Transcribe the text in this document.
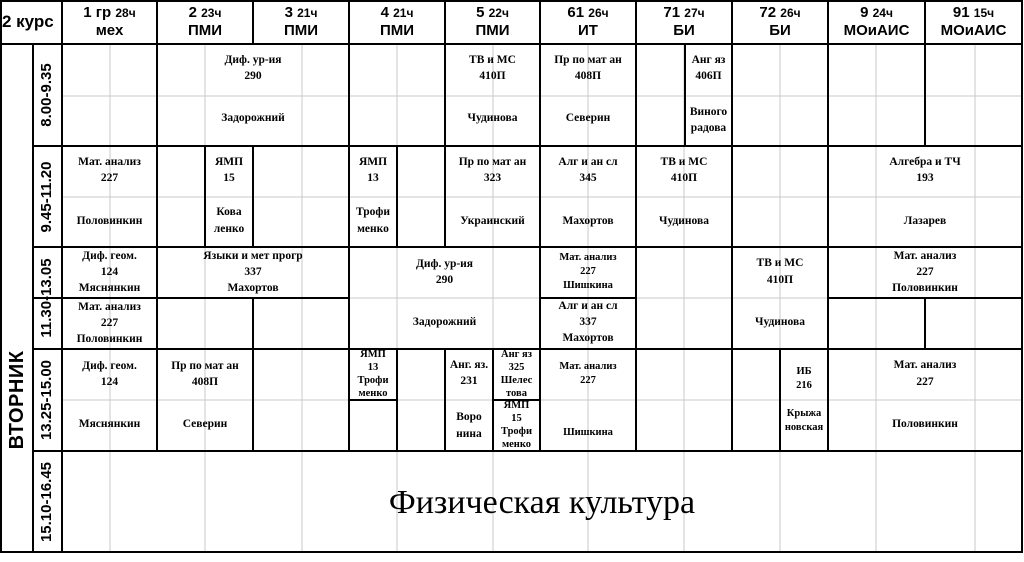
2 курс	1 гр 28ч
мех
2 23ч
ПМИ
3 21ч
ПМИ
4 21ч
ПМИ
5 22ч
ПМИ
61 26ч
ИТ
71 27ч
БИ
72 26ч
БИ
9 24ч
МОиАИС
91 15ч
МОиАИС
ВТОРНИК
8.00-9.35
9.45-11.20
11.30-13.05
13.25-15.00
15.10-16.45
Диф. ур-ия
290
Задорожний
ТВ и МС
410П
Чудинова
Пр по мат ан
408П
Северин
Анг яз
406П
Виного
радова
Мат. анализ
227
Половинкин
ЯМП
15
Кова
ленко
ЯМП
13
Трофи
менко
Пр по мат ан
323
Украинский
Алг и ан сл
345
Махортов
ТВ и МС
410П
Чудинова
Алгебра и ТЧ
193
Лазарев
Диф. геом.
124
Мяснянкин
Мат. анализ
227
Половинкин
Языки и мет прогр
337
Махортов
Диф. ур-ия
290
Задорожний
Мат. анализ
227
Шишкина
Алг и ан сл
337
Махортов
ТВ и МС
410П
Чудинова
Мат. анализ
227
Половинкин
Диф. геом.
124
Мяснянкин
Пр по мат ан
408П
Северин
ЯМП
13
Трофи
менко
Анг. яз.
231
Воро
нина
Анг яз
325
Шелес
това
ЯМП
15
Трофи
менко
Мат. анализ
227
Шишкина
ИБ
216
Крыжа
новская
Мат. анализ
227
Половинкин
Физическая культура
